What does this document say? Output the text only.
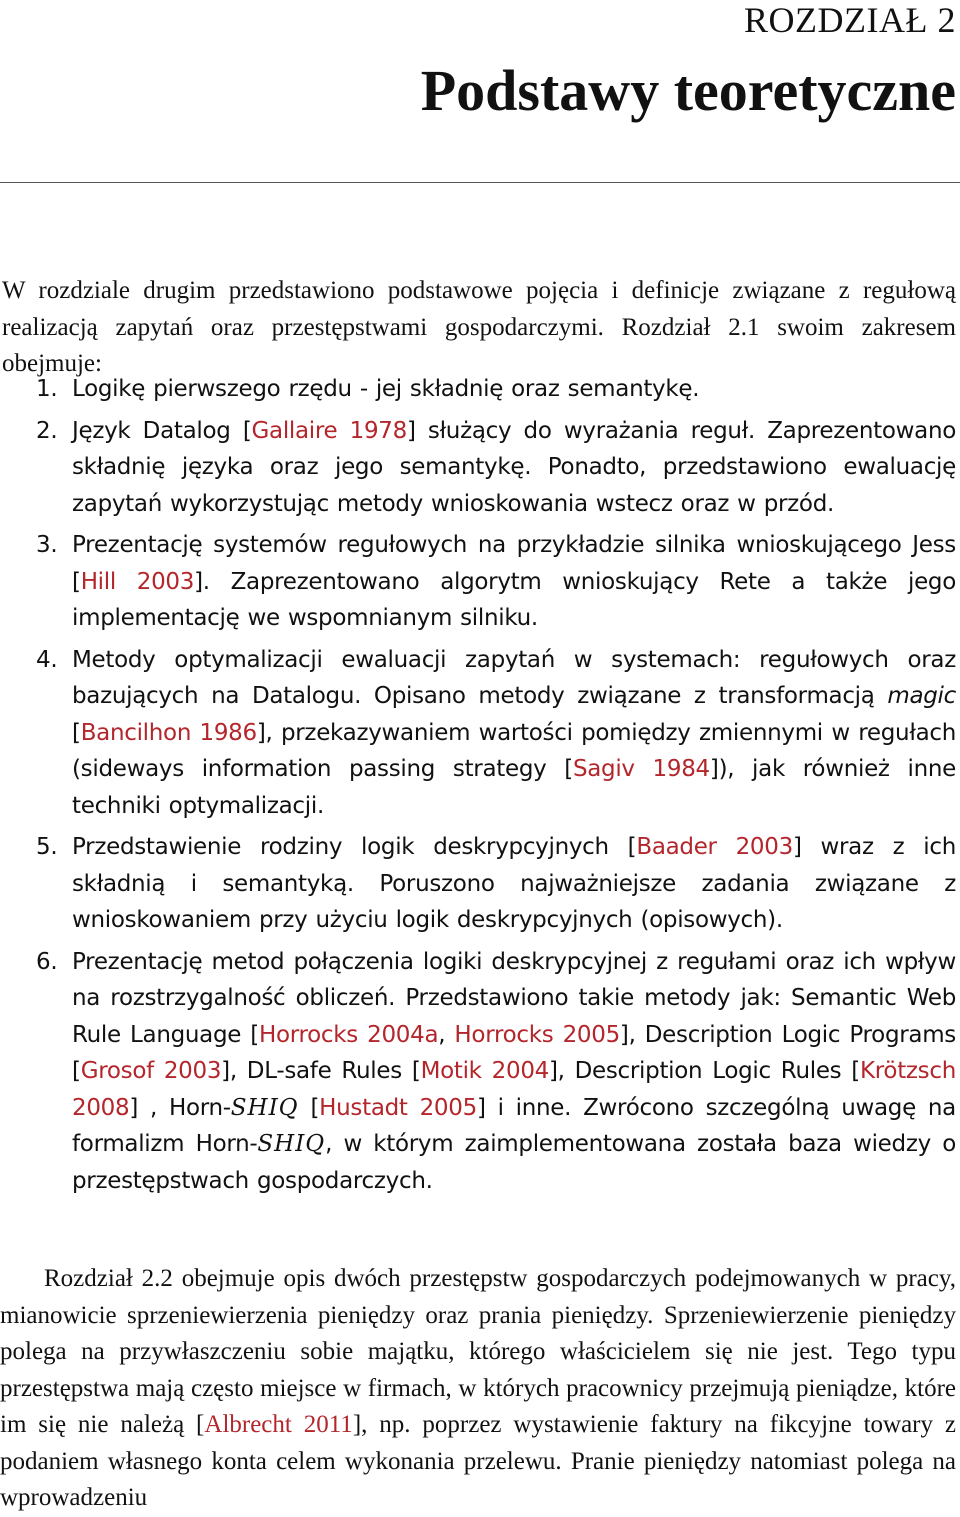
ROZDZIAŁ 2
Podstawy teoretyczne

W rozdziale drugim przedstawiono podstawowe pojęcia i definicje związane z regułową realizacją zapytań oraz przestępstwami gospodarczymi. Rozdział 2.1 swoim zakresem obejmuje:

1. Logikę pierwszego rzędu - jej składnię oraz semantykę.
2. Język Datalog [Gallaire 1978] służący do wyrażania reguł. Zaprezentowano składnię języka oraz jego semantykę. Ponadto, przedstawiono ewaluację zapytań wykorzystując metody wnioskowania wstecz oraz w przód.
3. Prezentację systemów regułowych na przykładzie silnika wnioskującego Jess [Hill 2003]. Zaprezentowano algorytm wnioskujący Rete a także jego implementację we wspomnianym silniku.
4. Metody optymalizacji ewaluacji zapytań w systemach: regułowych oraz bazujących na Datalogu. Opisano metody związane z transformacją magic [Bancilhon 1986], przekazywaniem wartości pomiędzy zmiennymi w regułach (sideways information passing strategy [Sagiv 1984]), jak również inne techniki optymalizacji.
5. Przedstawienie rodziny logik deskrypcyjnych [Baader 2003] wraz z ich składnią i semantyką. Poruszono najważniejsze zadania związane z wnioskowaniem przy użyciu logik deskrypcyjnych (opisowych).
6. Prezentację metod połączenia logiki deskrypcyjnej z regułami oraz ich wpływ na rozstrzygalność obliczeń. Przedstawiono takie metody jak: Semantic Web Rule Language [Horrocks 2004a, Horrocks 2005], Description Logic Programs [Grosof 2003], DL-safe Rules [Motik 2004], Description Logic Rules [Krötzsch 2008] , Horn-SHIQ [Hustadt 2005] i inne. Zwrócono szczególną uwagę na formalizm Horn-SHIQ, w którym zaimplementowana została baza wiedzy o przestępstwach gospodarczych.

Rozdział 2.2 obejmuje opis dwóch przestępstw gospodarczych podejmowanych w pracy, mianowicie sprzeniewierzenia pieniędzy oraz prania pieniędzy. Sprzeniewierzenie pieniędzy polega na przywłaszczeniu sobie majątku, którego właścicielem się nie jest. Tego typu przestępstwa mają często miejsce w firmach, w których pracownicy przejmują pieniądze, które im się nie należą [Albrecht 2011], np. poprzez wystawienie faktury na fikcyjne towary z podaniem własnego konta celem wykonania przelewu. Pranie pieniędzy natomiast polega na wprowadzeniu
